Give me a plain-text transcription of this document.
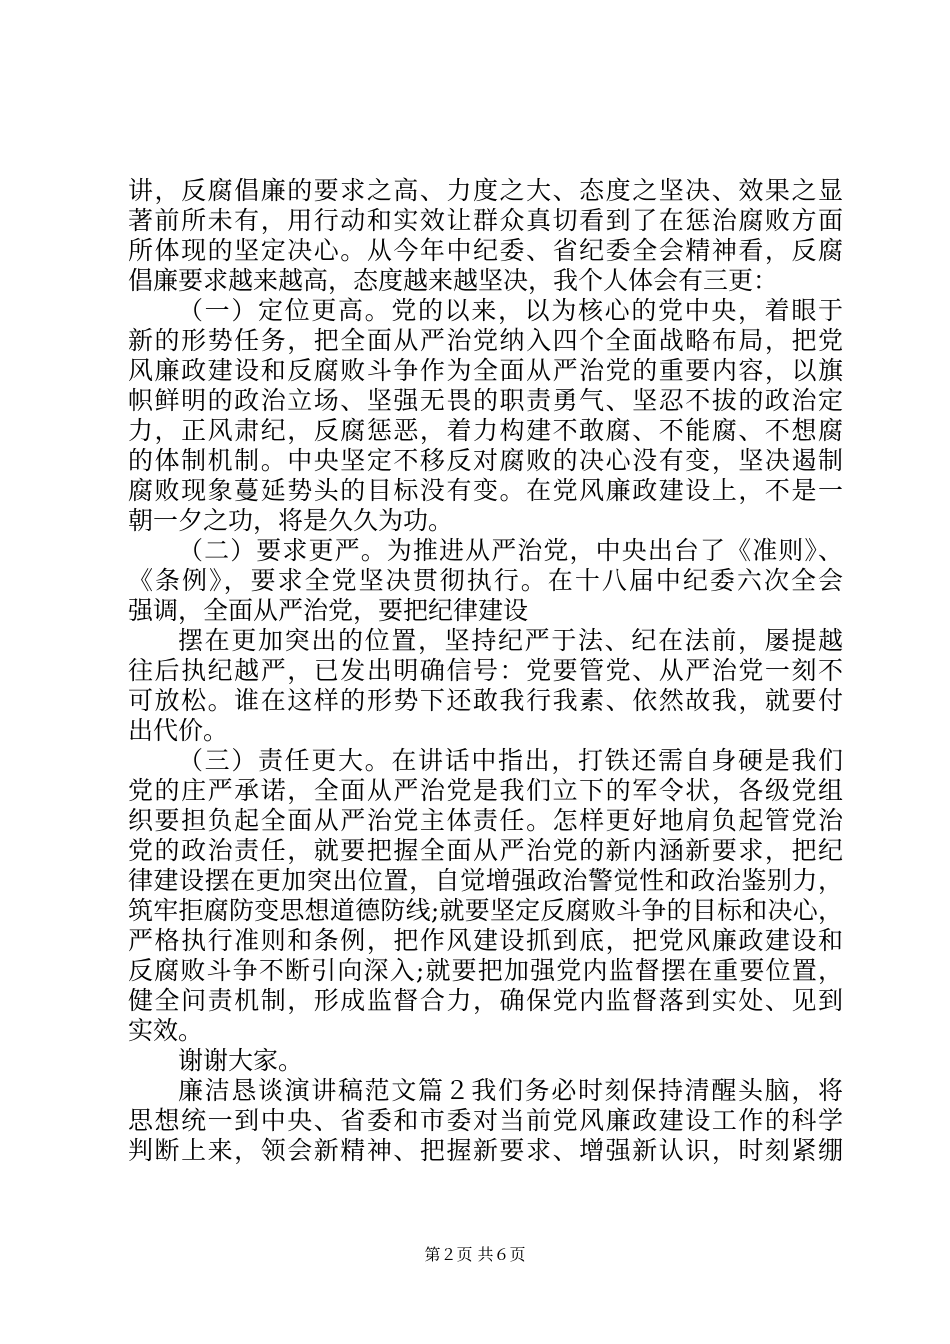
讲，反腐倡廉的要求之高、力度之大、态度之坚决、效果之显
著前所未有，用行动和实效让群众真切看到了在惩治腐败方面
所体现的坚定决心。从今年中纪委、省纪委全会精神看，反腐
倡廉要求越来越高，态度越来越坚决，我个人体会有三更：
（一）定位更高。党的以来，以为核心的党中央，着眼于
新的形势任务，把全面从严治党纳入四个全面战略布局，把党
风廉政建设和反腐败斗争作为全面从严治党的重要内容，以旗
帜鲜明的政治立场、坚强无畏的职责勇气、坚忍不拔的政治定
力，正风肃纪，反腐惩恶，着力构建不敢腐、不能腐、不想腐
的体制机制。中央坚定不移反对腐败的决心没有变，坚决遏制
腐败现象蔓延势头的目标没有变。在党风廉政建设上，不是一
朝一夕之功，将是久久为功。
（二）要求更严。为推进从严治党，中央出台了《准则》、
《条例》，要求全党坚决贯彻执行。在十八届中纪委六次全会
强调，全面从严治党，要把纪律建设
摆在更加突出的位置，坚持纪严于法、纪在法前，屡提越
往后执纪越严，已发出明确信号：党要管党、从严治党一刻不
可放松。谁在这样的形势下还敢我行我素、依然故我，就要付
出代价。
（三）责任更大。在讲话中指出，打铁还需自身硬是我们
党的庄严承诺，全面从严治党是我们立下的军令状，各级党组
织要担负起全面从严治党主体责任。怎样更好地肩负起管党治
党的政治责任，就要把握全面从严治党的新内涵新要求，把纪
律建设摆在更加突出位置，自觉增强政治警觉性和政治鉴别力，
筑牢拒腐防变思想道德防线;就要坚定反腐败斗争的目标和决心，
严格执行准则和条例，把作风建设抓到底，把党风廉政建设和
反腐败斗争不断引向深入;就要把加强党内监督摆在重要位置，
健全问责机制，形成监督合力，确保党内监督落到实处、见到
实效。
谢谢大家。
廉洁恳谈演讲稿范文篇２我们务必时刻保持清醒头脑，将
思想统一到中央、省委和市委对当前党风廉政建设工作的科学
判断上来，领会新精神、把握新要求、增强新认识，时刻紧绷
第２页 共６页
